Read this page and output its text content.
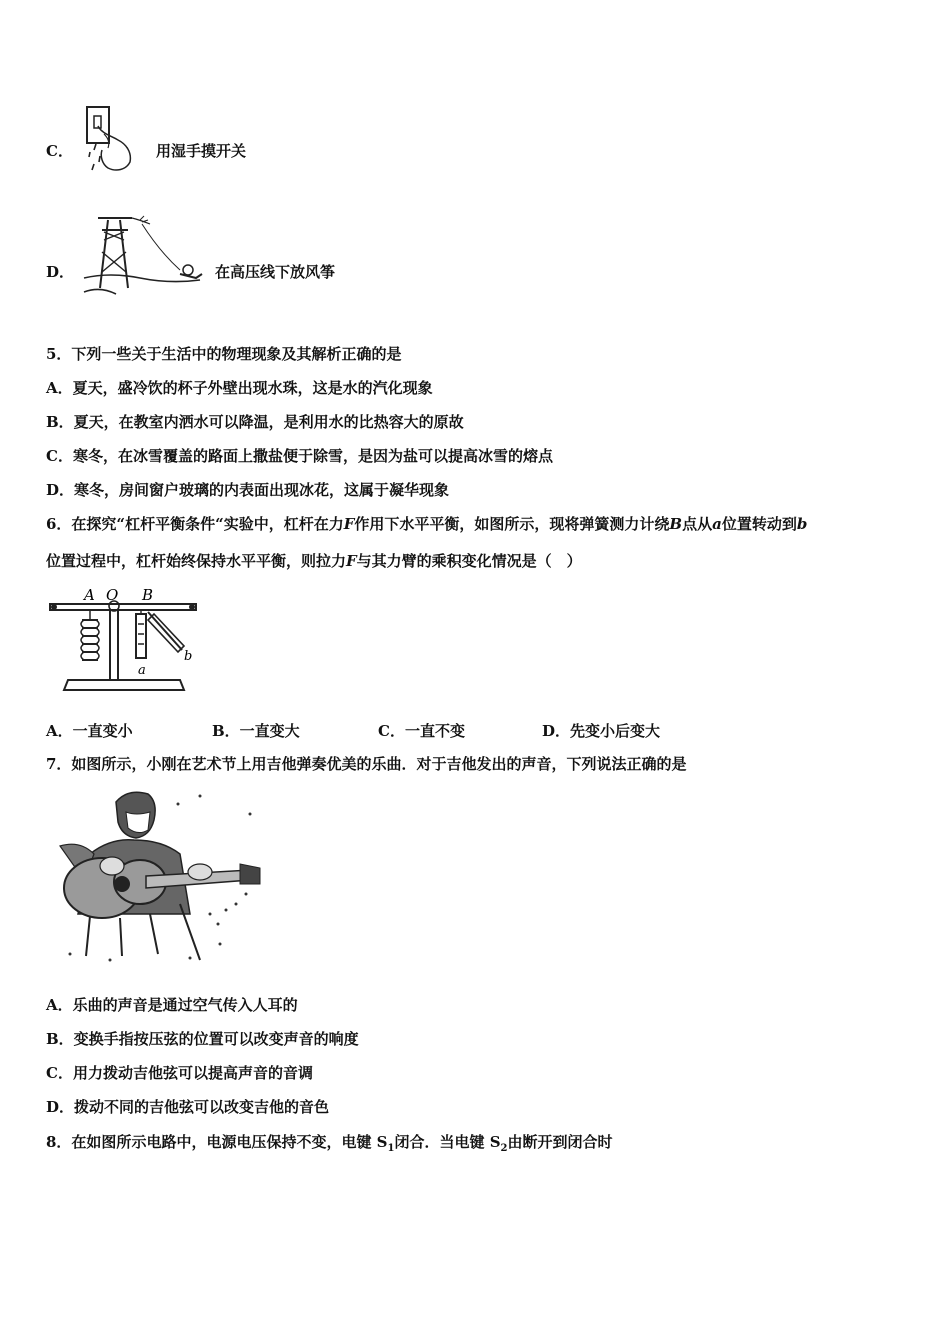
C．	用湿手摸开关
D．	在高压线下放风筝
5．下列一些关于生活中的物理现象及其解析正确的是
A．夏天，盛冷饮的杯子外壁出现水珠，这是水的汽化现象
B．夏天，在教室内洒水可以降温，是利用水的比热容大的原故
C．寒冬，在冰雪覆盖的路面上撒盐便于除雪，是因为盐可以提高冰雪的熔点
D．寒冬，房间窗户玻璃的内表面出现冰花，这属于凝华现象
6．在探究“杠杆平衡条件“实验中，杠杆在力F作用下水平平衡，如图所示，现将弹簧测力计绕B点从a位置转动到b
位置过程中，杠杆始终保持水平平衡，则拉力F与其力臂的乘积变化情况是（　）
A O B
a
b
A．一直变小	B．一直变大	C．一直不变	D．先变小后变大
7．如图所示，小刚在艺术节上用吉他弹奏优美的乐曲．对于吉他发出的声音，下列说法正确的是
A．乐曲的声音是通过空气传入人耳的
B．变换手指按压弦的位置可以改变声音的响度
C．用力拨动吉他弦可以提高声音的音调
D．拨动不同的吉他弦可以改变吉他的音色
8．在如图所示电路中，电源电压保持不变，电键 $S_1$闭合．当电键 $S_2$由断开到闭合时
